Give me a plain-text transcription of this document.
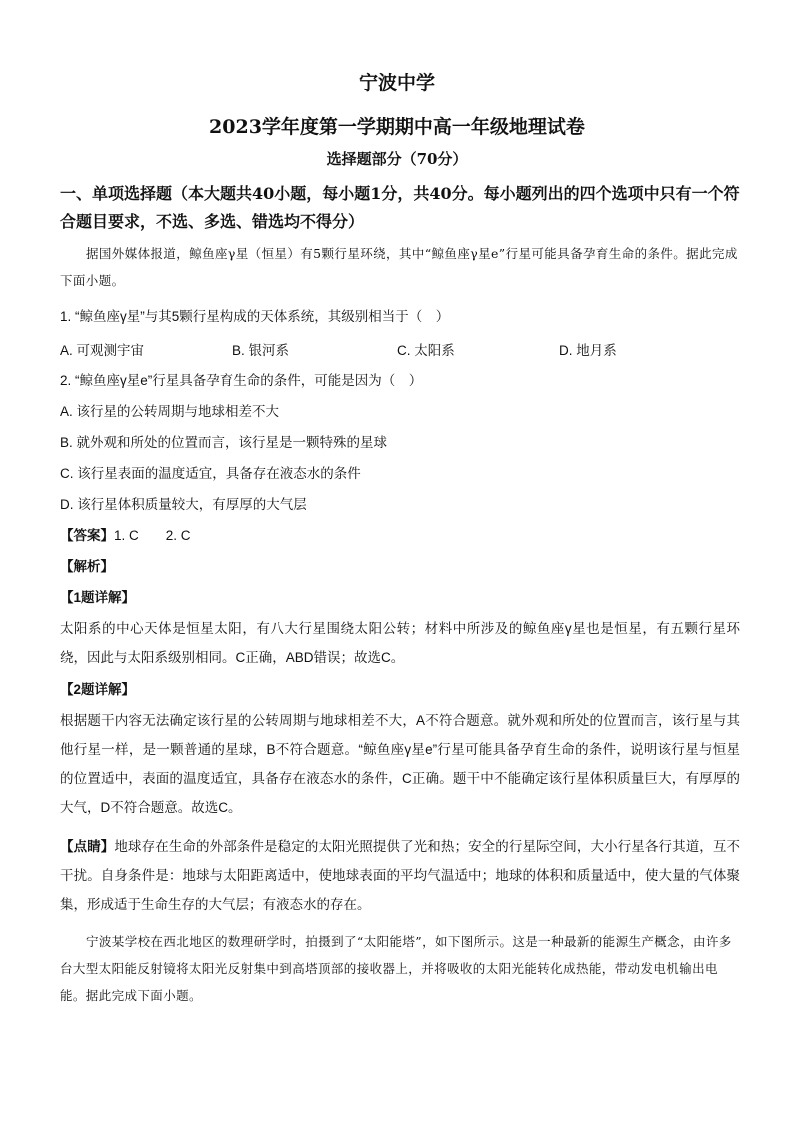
宁波中学
2023学年度第一学期期中高一年级地理试卷
选择题部分（70分）
一、单项选择题（本大题共40小题，每小题1分，共40分。每小题列出的四个选项中只有一个符合题目要求，不选、多选、错选均不得分）
据国外媒体报道，鲸鱼座γ星（恒星）有5颗行星环绕，其中“鲸鱼座γ星e”行星可能具备孕育生命的条件。据此完成下面小题。
1. “鲸鱼座γ星”与其5颗行星构成的天体系统，其级别相当于（　）
A. 可观测宇宙	B. 银河系	C. 太阳系	D. 地月系
2. “鲸鱼座γ星e”行星具备孕育生命的条件，可能是因为（　）
A. 该行星的公转周期与地球相差不大
B. 就外观和所处的位置而言，该行星是一颗特殊的星球
C. 该行星表面的温度适宜，具备存在液态水的条件
D. 该行星体积质量较大，有厚厚的大气层
【答案】1. C　　2. C
【解析】
【1题详解】
太阳系的中心天体是恒星太阳，有八大行星围绕太阳公转；材料中所涉及的鲸鱼座γ星也是恒星，有五颗行星环绕，因此与太阳系级别相同。C正确，ABD错误；故选C。
【2题详解】
根据题干内容无法确定该行星的公转周期与地球相差不大，A不符合题意。就外观和所处的位置而言，该行星与其他行星一样，是一颗普通的星球，B不符合题意。“鲸鱼座γ星e”行星可能具备孕育生命的条件，说明该行星与恒星的位置适中，表面的温度适宜，具备存在液态水的条件，C正确。题干中不能确定该行星体积质量巨大，有厚厚的大气，D不符合题意。故选C。
【点睛】地球存在生命的外部条件是稳定的太阳光照提供了光和热；安全的行星际空间，大小行星各行其道，互不干扰。自身条件是：地球与太阳距离适中，使地球表面的平均气温适中；地球的体积和质量适中，使大量的气体聚集，形成适于生命生存的大气层；有液态水的存在。
宁波某学校在西北地区的数理研学时，拍摄到了“太阳能塔”，如下图所示。这是一种最新的能源生产概念，由许多台大型太阳能反射镜将太阳光反射集中到高塔顶部的接收器上，并将吸收的太阳光能转化成热能，带动发电机输出电能。据此完成下面小题。
